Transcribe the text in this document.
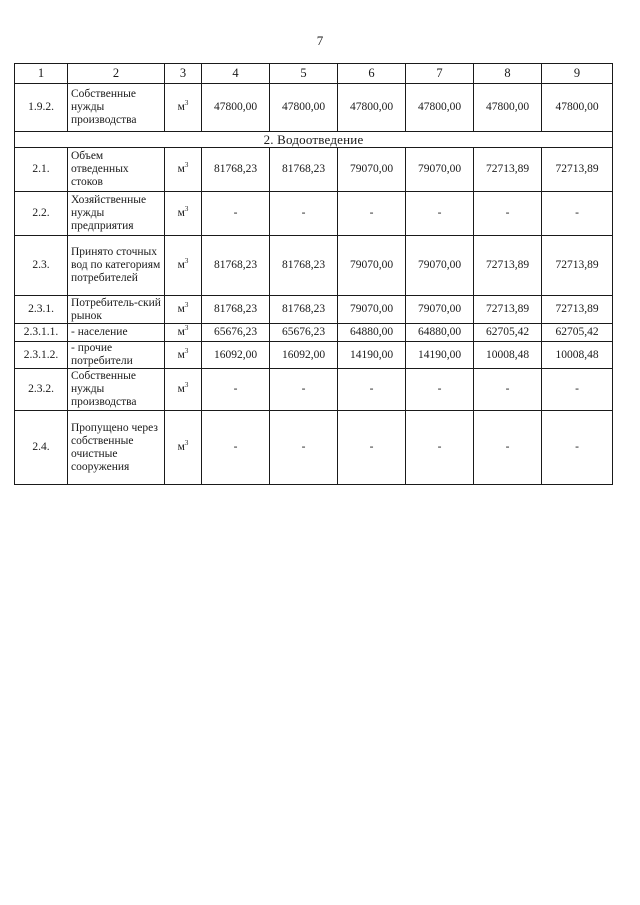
7
1	2	3	4	5	6	7	8	9
1.9.2.	Собственные нужды производства	$м^3$	47800,00	47800,00	47800,00	47800,00	47800,00	47800,00
2. Водоотведение								
2.1.	Объем отведенных стоков	$м^3$	81768,23	81768,23	79070,00	79070,00	72713,89	72713,89
2.2.	Хозяйственные нужды предприятия	$м^3$	-	-	-	-	-	-
2.3.	Принято сточных вод по категориям потребителей	$м^3$	81768,23	81768,23	79070,00	79070,00	72713,89	72713,89
2.3.1.	Потребитель-ский рынок	$м^3$	81768,23	81768,23	79070,00	79070,00	72713,89	72713,89
2.3.1.1.	- население	$м^3$	65676,23	65676,23	64880,00	64880,00	62705,42	62705,42
2.3.1.2.	- прочие потребители	$м^3$	16092,00	16092,00	14190,00	14190,00	10008,48	10008,48
2.3.2.	Собственные нужды производства	$м^3$	-	-	-	-	-	-
2.4.	Пропущено через собственные очистные сооружения	$м^3$	-	-	-	-	-	-
